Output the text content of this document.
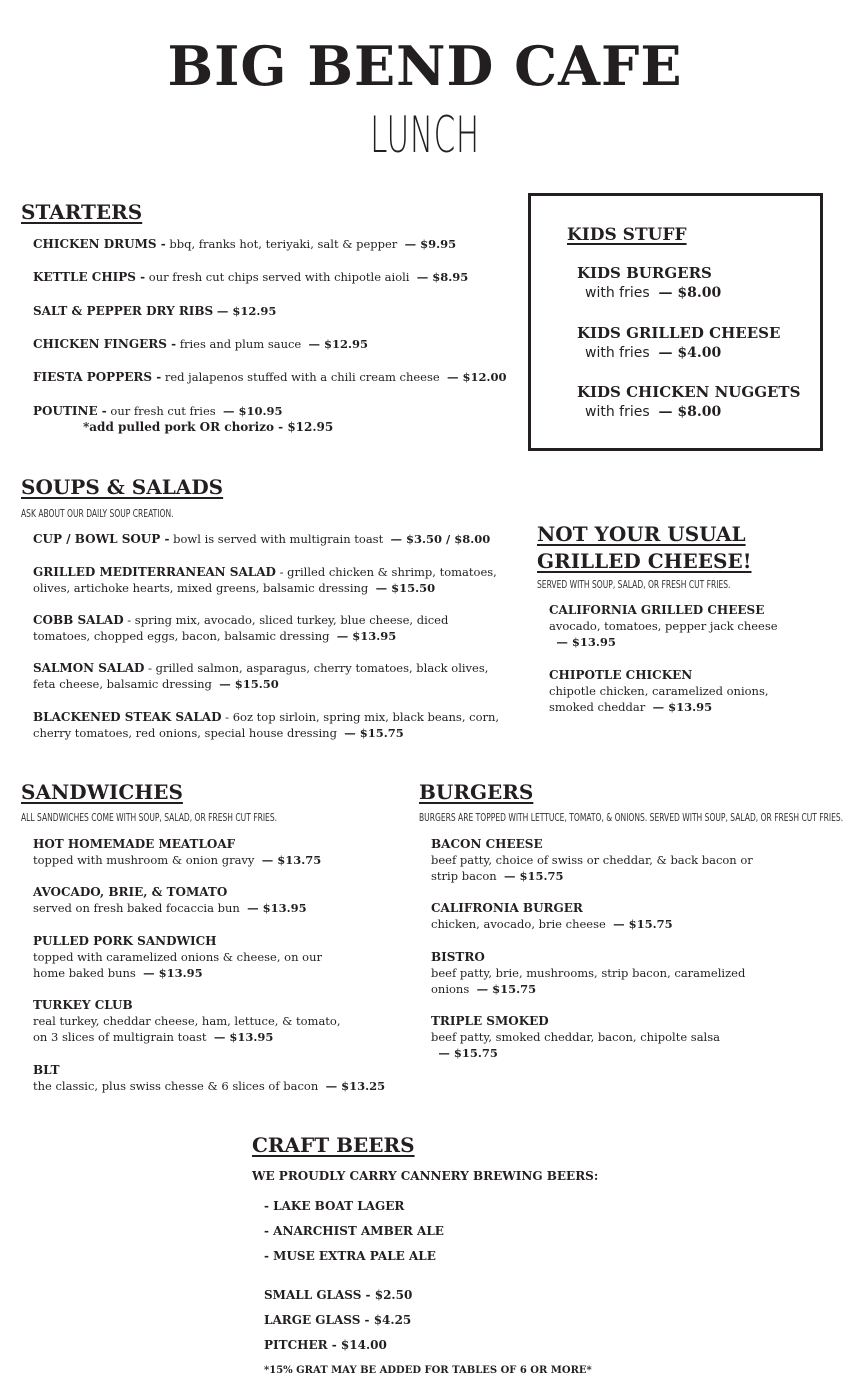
BIG BEND CAFE
LUNCH
STARTERS
CHICKEN DRUMS - bbq, franks hot, teriyaki, salt & pepper — $9.95
KETTLE CHIPS - our fresh cut chips served with chipotle aioli — $8.95
SALT & PEPPER DRY RIBS — $12.95
CHICKEN FINGERS - fries and plum sauce — $12.95
FIESTA POPPERS - red jalapenos stuffed with a chili cream cheese — $12.00
POUTINE - our fresh cut fries — $10.95
*add pulled pork OR chorizo - $12.95
KIDS STUFF
KIDS BURGERS
with fries — $8.00
KIDS GRILLED CHEESE
with fries — $4.00
KIDS CHICKEN NUGGETS
with fries — $8.00
SOUPS & SALADS
ASK ABOUT OUR DAILY SOUP CREATION.
CUP / BOWL SOUP - bowl is served with multigrain toast — $3.50 / $8.00
GRILLED MEDITERRANEAN SALAD - grilled chicken & shrimp, tomatoes,
olives, artichoke hearts, mixed greens, balsamic dressing — $15.50
COBB SALAD - spring mix, avocado, sliced turkey, blue cheese, diced
tomatoes, chopped eggs, bacon, balsamic dressing — $13.95
SALMON SALAD - grilled salmon, asparagus, cherry tomatoes, black olives,
feta cheese, balsamic dressing — $15.50
BLACKENED STEAK SALAD - 6oz top sirloin, spring mix, black beans, corn,
cherry tomatoes, red onions, special house dressing — $15.75
NOT YOUR USUAL
GRILLED CHEESE!
SERVED WITH SOUP, SALAD, OR FRESH CUT FRIES.
CALIFORNIA GRILLED CHEESE
avocado, tomatoes, pepper jack cheese
— $13.95
CHIPOTLE CHICKEN
chipotle chicken, caramelized onions,
smoked cheddar — $13.95
SANDWICHES
ALL SANDWICHES COME WITH SOUP, SALAD, OR FRESH CUT FRIES.
HOT HOMEMADE MEATLOAF
topped with mushroom & onion gravy — $13.75
AVOCADO, BRIE, & TOMATO
served on fresh baked focaccia bun — $13.95
PULLED PORK SANDWICH
topped with caramelized onions & cheese, on our
home baked buns — $13.95
TURKEY CLUB
real turkey, cheddar cheese, ham, lettuce, & tomato,
on 3 slices of multigrain toast — $13.95
BLT
the classic, plus swiss chesse & 6 slices of bacon — $13.25
BURGERS
BURGERS ARE TOPPED WITH LETTUCE, TOMATO, & ONIONS. SERVED WITH SOUP, SALAD, OR FRESH CUT FRIES.
BACON CHEESE
beef patty, choice of swiss or cheddar, & back bacon or
strip bacon — $15.75
CALIFRONIA BURGER
chicken, avocado, brie cheese — $15.75
BISTRO
beef patty, brie, mushrooms, strip bacon, caramelized
onions — $15.75
TRIPLE SMOKED
beef patty, smoked cheddar, bacon, chipolte salsa
— $15.75
CRAFT BEERS
WE PROUDLY CARRY CANNERY BREWING BEERS:
- LAKE BOAT LAGER
- ANARCHIST AMBER ALE
- MUSE EXTRA PALE ALE
SMALL GLASS - $2.50
LARGE GLASS - $4.25
PITCHER - $14.00
*15% GRAT MAY BE ADDED FOR TABLES OF 6 OR MORE*
